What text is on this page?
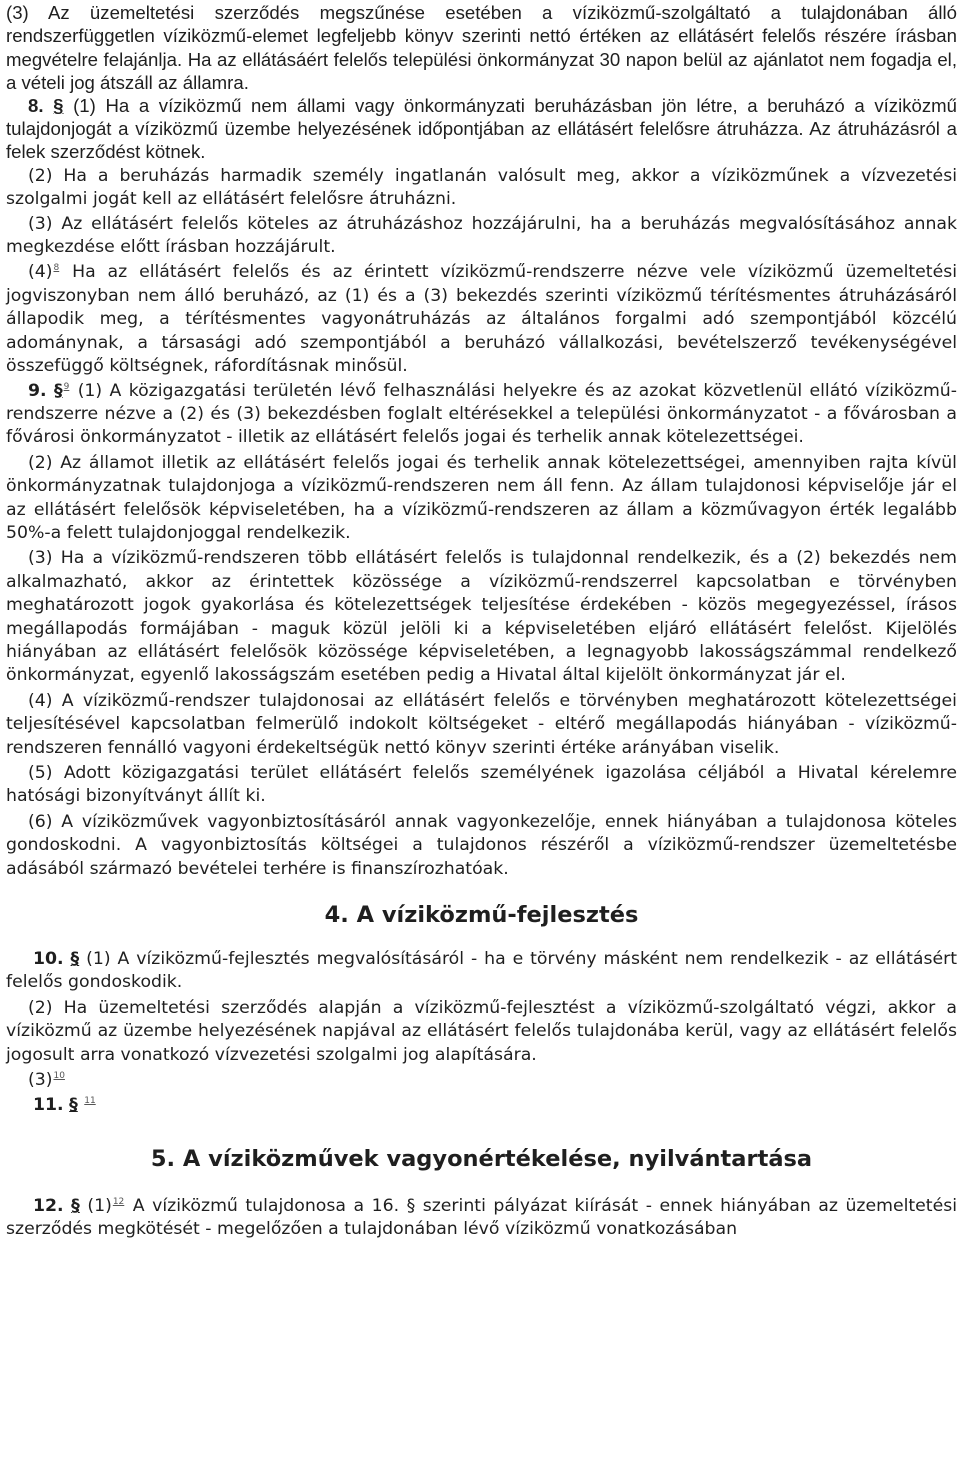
(3) Az üzemeltetési szerződés megszűnése esetében a víziközmű-szolgáltató a tulajdonában álló rendszerfüggetlen víziközmű-elemet legfeljebb könyv szerinti nettó értéken az ellátásért felelős részére írásban megvételre felajánlja. Ha az ellátásáért felelős települési önkormányzat 30 napon belül az ajánlatot nem fogadja el, a vételi jog átszáll az államra.

8. § (1) Ha a víziközmű nem állami vagy önkormányzati beruházásban jön létre, a beruházó a víziközmű tulajdonjogát a víziközmű üzembe helyezésének időpontjában az ellátásért felelősre átruházza. Az átruházásról a felek szerződést kötnek.

(2) Ha a beruházás harmadik személy ingatlanán valósult meg, akkor a víziközműnek a vízvezetési szolgalmi jogát kell az ellátásért felelősre átruházni.

(3) Az ellátásért felelős köteles az átruházáshoz hozzájárulni, ha a beruházás megvalósításához annak megkezdése előtt írásban hozzájárult.

$(4)^8$ Ha az ellátásért felelős és az érintett víziközmű-rendszerre nézve vele víziközmű üzemeltetési jogviszonyban nem álló beruházó, az (1) és a (3) bekezdés szerinti víziközmű térítésmentes átruházásáról állapodik meg, a térítésmentes vagyonátruházás az általános forgalmi adó szempontjából közcélú adománynak, a társasági adó szempontjából a beruházó vállalkozási, bevételszerző tevékenységével összefüggő költségnek, ráfordításnak minősül.

9. §$^9$ (1) A közigazgatási területén lévő felhasználási helyekre és az azokat közvetlenül ellátó víziközmű-rendszerre nézve a (2) és (3) bekezdésben foglalt eltérésekkel a települési önkormányzatot - a fővárosban a fővárosi önkormányzatot - illetik az ellátásért felelős jogai és terhelik annak kötelezettségei.

(2) Az államot illetik az ellátásért felelős jogai és terhelik annak kötelezettségei, amennyiben rajta kívül önkormányzatnak tulajdonjoga a víziközmű-rendszeren nem áll fenn. Az állam tulajdonosi képviselője jár el az ellátásért felelősök képviseletében, ha a víziközmű-rendszeren az állam a közművagyon érték legalább 50%-a felett tulajdonjoggal rendelkezik.

(3) Ha a víziközmű-rendszeren több ellátásért felelős is tulajdonnal rendelkezik, és a (2) bekezdés nem alkalmazható, akkor az érintettek közössége a víziközmű-rendszerrel kapcsolatban e törvényben meghatározott jogok gyakorlása és kötelezettségek teljesítése érdekében - közös megegyezéssel, írásos megállapodás formájában - maguk közül jelöli ki a képviseletében eljáró ellátásért felelőst. Kijelölés hiányában az ellátásért felelősök közössége képviseletében, a legnagyobb lakosságszámmal rendelkező önkormányzat, egyenlő lakosságszám esetében pedig a Hivatal által kijelölt önkormányzat jár el.

(4) A víziközmű-rendszer tulajdonosai az ellátásért felelős e törvényben meghatározott kötelezettségei teljesítésével kapcsolatban felmerülő indokolt költségeket - eltérő megállapodás hiányában - víziközmű-rendszeren fennálló vagyoni érdekeltségük nettó könyv szerinti értéke arányában viselik.

(5) Adott közigazgatási terület ellátásért felelős személyének igazolása céljából a Hivatal kérelemre hatósági bizonyítványt állít ki.

(6) A víziközművek vagyonbiztosításáról annak vagyonkezelője, ennek hiányában a tulajdonosa köteles gondoskodni. A vagyonbiztosítás költségei a tulajdonos részéről a víziközmű-rendszer üzemeltetésbe adásából származó bevételei terhére is finanszírozhatóak.

4. A víziközmű-fejlesztés

10. § (1) A víziközmű-fejlesztés megvalósításáról - ha e törvény másként nem rendelkezik - az ellátásért felelős gondoskodik.

(2) Ha üzemeltetési szerződés alapján a víziközmű-fejlesztést a víziközmű-szolgáltató végzi, akkor a víziközmű az üzembe helyezésének napjával az ellátásért felelős tulajdonába kerül, vagy az ellátásért felelős jogosult arra vonatkozó vízvezetési szolgalmi jog alapítására.

$(3)^{10}$

11. § $^{11}$

5. A víziközművek vagyonértékelése, nyilvántartása

12. § $(1)^{12}$ A víziközmű tulajdonosa a 16. § szerinti pályázat kiírását - ennek hiányában az üzemeltetési szerződés megkötését - megelőzően a tulajdonában lévő víziközmű vonatkozásában
